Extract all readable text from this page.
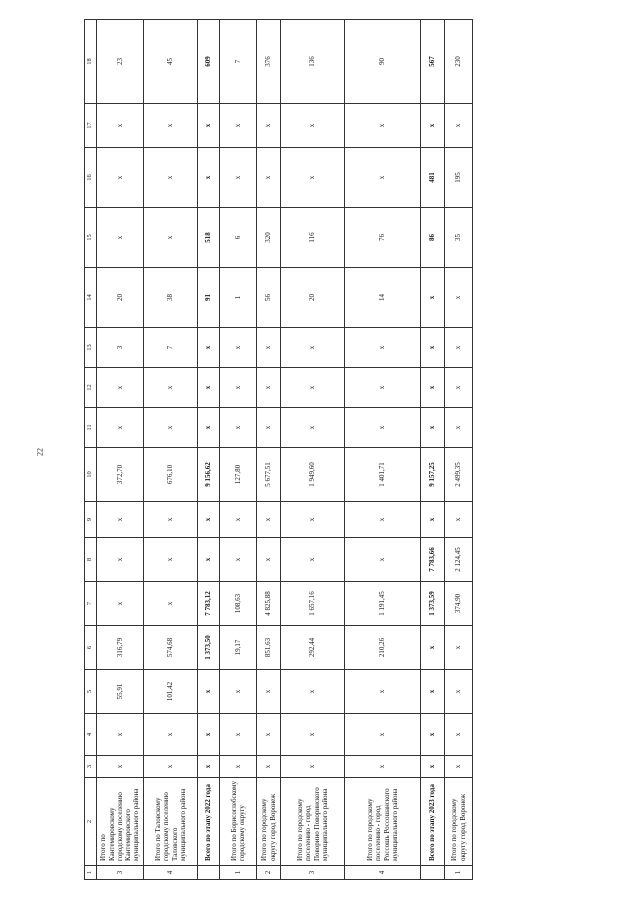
22
1	2	3	4	5	6	7	8	9	10	11	12	13	14	15	16	17	18
3	Итого по Кантемировскому городскому поселению Кантемировского муниципального района	х	х	55,91	316,79	х	х	х	372,70	х	х	3	20	х	х	х	23
4	Итого по Таловскому городскому поселению Таловского муниципального района	х	х	101,42	574,68	х	х	х	676,10	х	х	7	38	х	х	х	45
	Всего по этапу 2022 года	х	х	х	1 373,50	7 783,12	х	х	9 156,62	х	х	х	91	518	х	х	609
1	Итого по Борисоглебскому городскому округу	х	х	х	19,17	108,63	х	х	127,80	х	х	х	1	6	х	х	7
2	Итого по городскому округу город Воронеж	х	х	х	851,63	4 825,88	х	х	5 677,51	х	х	х	56	320	х	х	376
3	Итого по городскому поселению - город Поворино Поворинского муниципального района	х	х	х	292,44	1 657,16	х	х	1 949,60	х	х	х	20	116	х	х	136
4	Итого по городскому поселению - город Россошь Россошанского муниципального района	х	х	х	210,26	1 191,45	х	х	1 401,71	х	х	х	14	76	х	х	90
	Всего по этапу 2023 года	х	х	х	х	1 373,59	7 783,66	х	9 157,25	х	х	х	х	86	481	х	567
1	Итого по городскому округу город Воронеж	х	х	х	х	374,90	2 124,45	х	2 499,35	х	х	х	х	35	195	х	230
